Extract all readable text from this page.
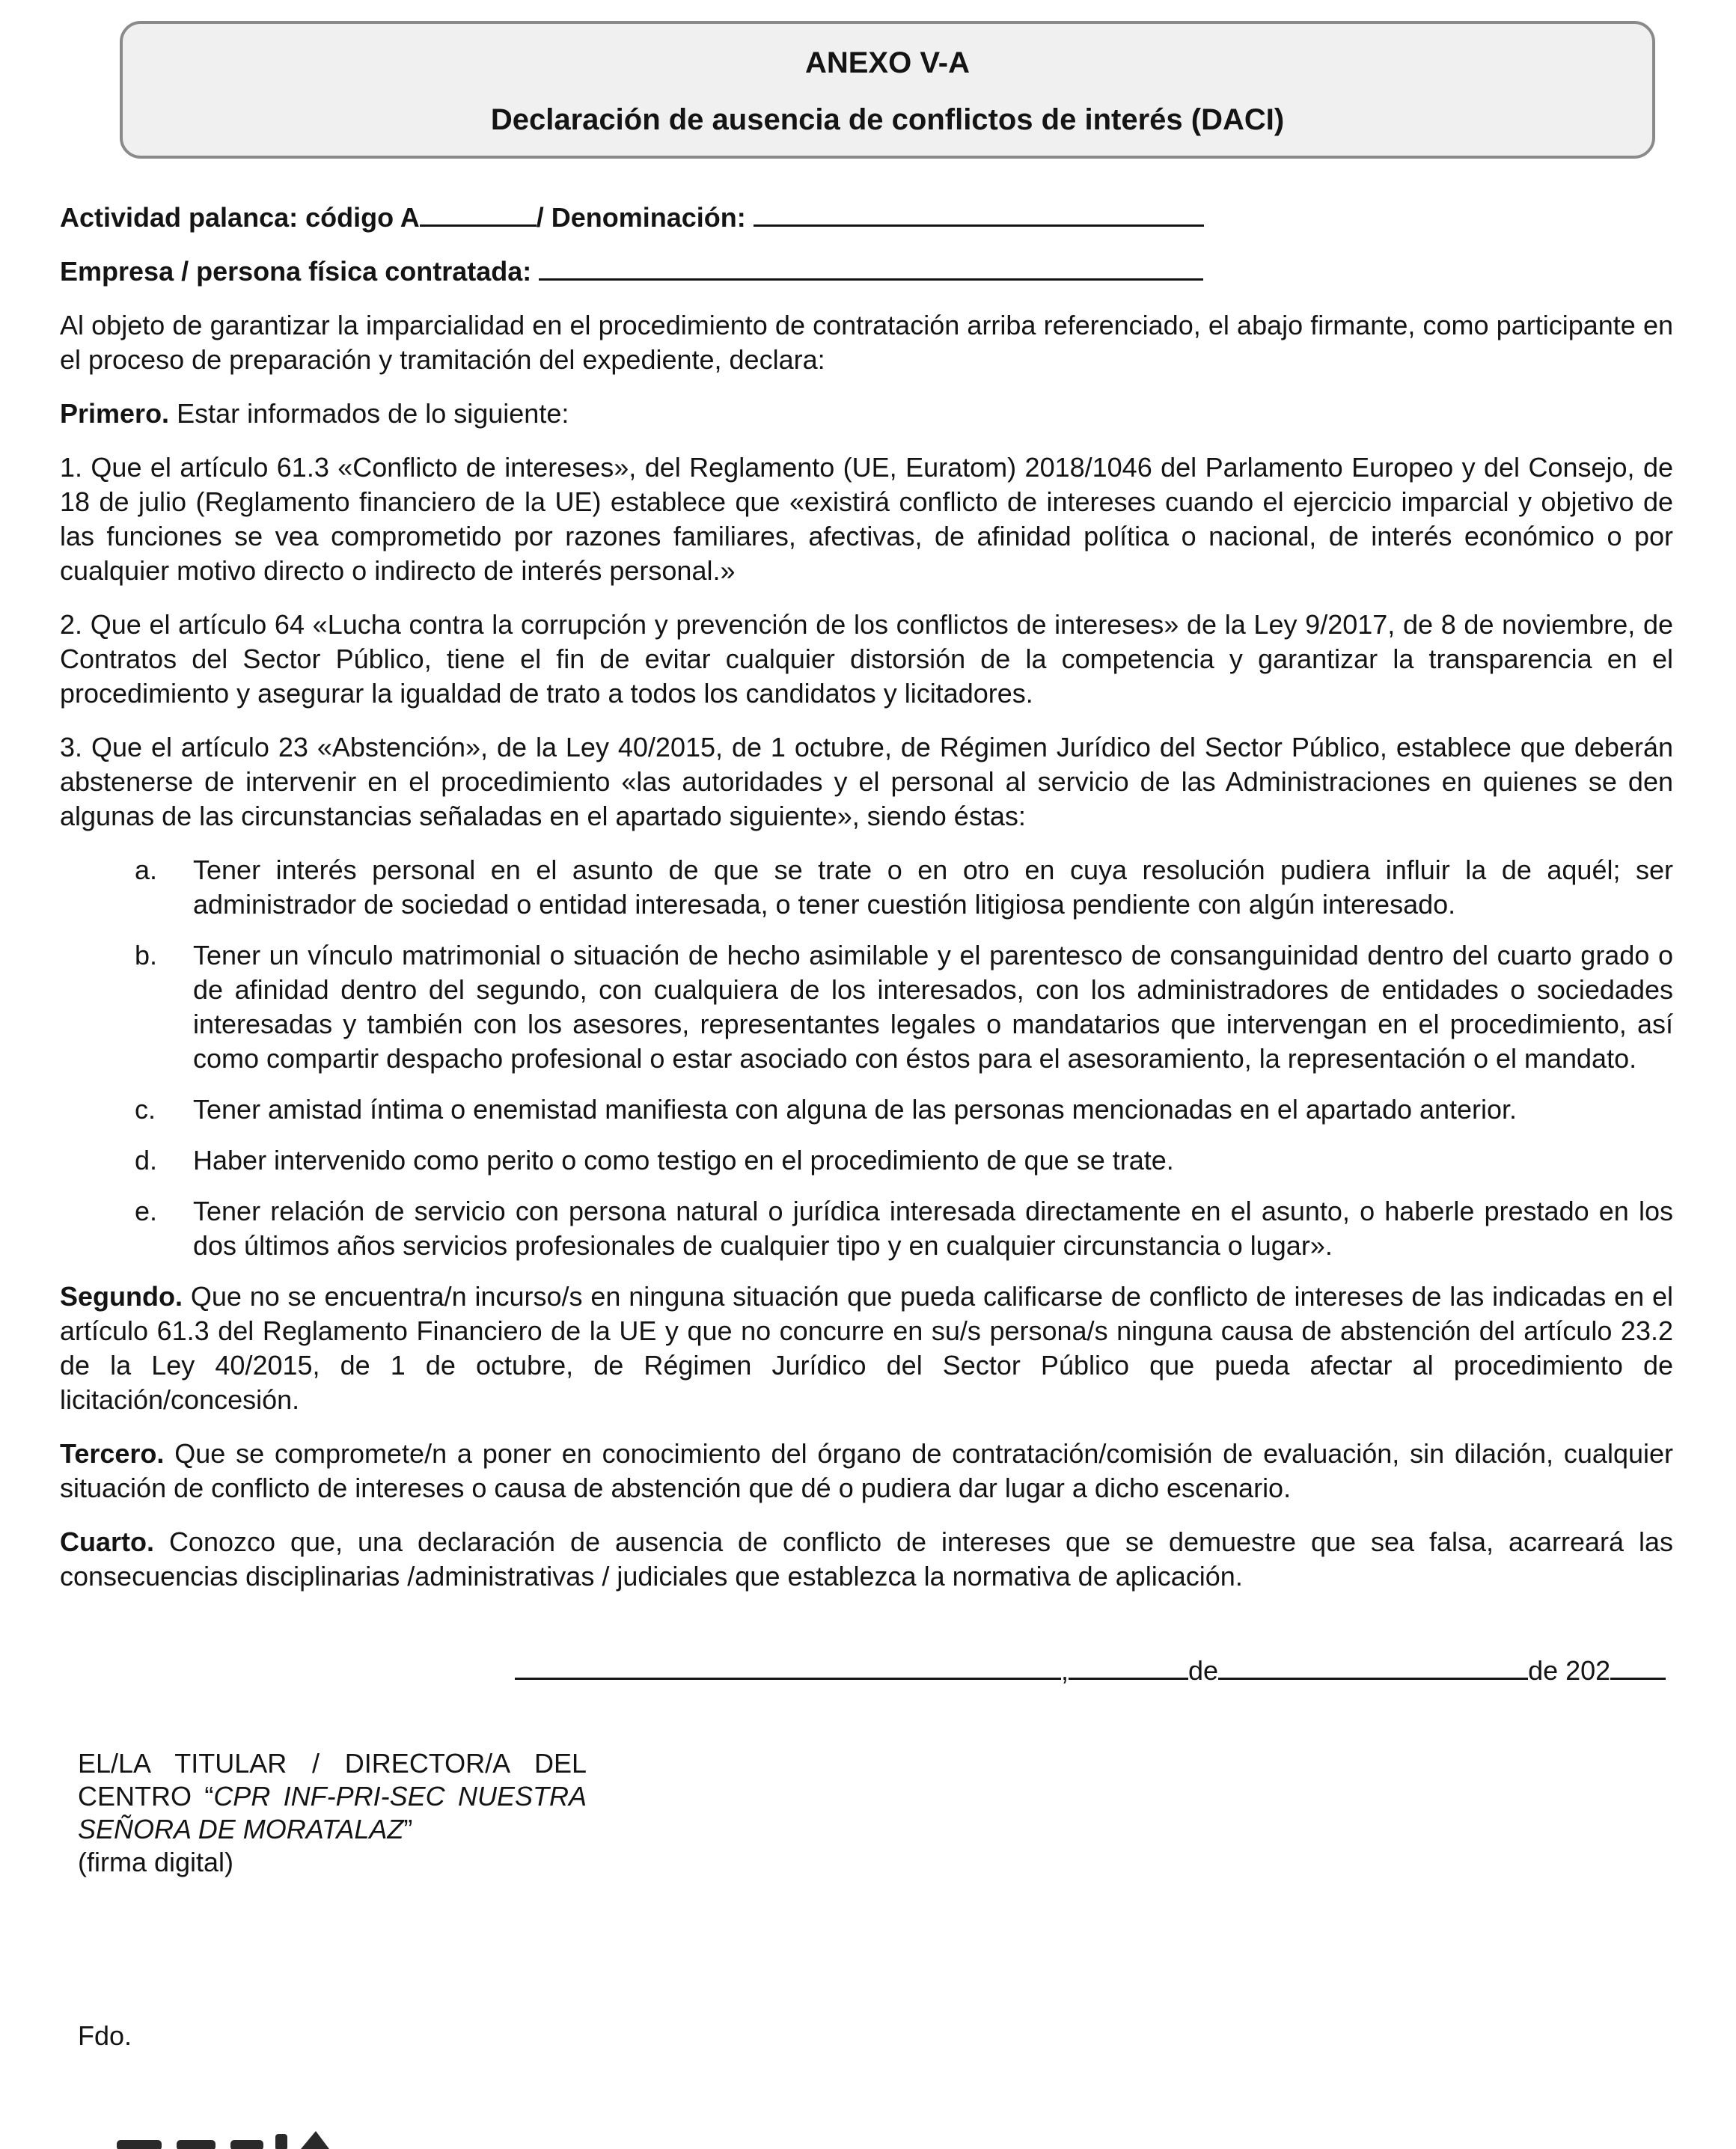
ANEXO V-A
Declaración de ausencia de conflictos de interés (DACI)
Actividad palanca: código A	/ Denominación:
Empresa / persona física contratada:

Al objeto de garantizar la imparcialidad en el procedimiento de contratación arriba referenciado, el abajo firmante, como participante en el proceso de preparación y tramitación del expediente, declara:

Primero. Estar informados de lo siguiente:

1. Que el artículo 61.3 «Conflicto de intereses», del Reglamento (UE, Euratom) 2018/1046 del Parlamento Europeo y del Consejo, de 18 de julio (Reglamento financiero de la UE) establece que «existirá conflicto de intereses cuando el ejercicio imparcial y objetivo de las funciones se vea comprometido por razones familiares, afectivas, de afinidad política o nacional, de interés económico o por cualquier motivo directo o indirecto de interés personal.»

2. Que el artículo 64 «Lucha contra la corrupción y prevención de los conflictos de intereses» de la Ley 9/2017, de 8 de noviembre, de Contratos del Sector Público, tiene el fin de evitar cualquier distorsión de la competencia y garantizar la transparencia en el procedimiento y asegurar la igualdad de trato a todos los candidatos y licitadores.

3. Que el artículo 23 «Abstención», de la Ley 40/2015, de 1 octubre, de Régimen Jurídico del Sector Público, establece que deberán abstenerse de intervenir en el procedimiento «las autoridades y el personal al servicio de las Administraciones en quienes se den algunas de las circunstancias señaladas en el apartado siguiente», siendo éstas:

a. Tener interés personal en el asunto de que se trate o en otro en cuya resolución pudiera influir la de aquél; ser administrador de sociedad o entidad interesada, o tener cuestión litigiosa pendiente con algún interesado.
b. Tener un vínculo matrimonial o situación de hecho asimilable y el parentesco de consanguinidad dentro del cuarto grado o de afinidad dentro del segundo, con cualquiera de los interesados, con los administradores de entidades o sociedades interesadas y también con los asesores, representantes legales o mandatarios que intervengan en el procedimiento, así como compartir despacho profesional o estar asociado con éstos para el asesoramiento, la representación o el mandato.
c. Tener amistad íntima o enemistad manifiesta con alguna de las personas mencionadas en el apartado anterior.
d. Haber intervenido como perito o como testigo en el procedimiento de que se trate.
e. Tener relación de servicio con persona natural o jurídica interesada directamente en el asunto, o haberle prestado en los dos últimos años servicios profesionales de cualquier tipo y en cualquier circunstancia o lugar».

Segundo. Que no se encuentra/n incurso/s en ninguna situación que pueda calificarse de conflicto de intereses de las indicadas en el artículo 61.3 del Reglamento Financiero de la UE y que no concurre en su/s persona/s ninguna causa de abstención del artículo 23.2 de la Ley 40/2015, de 1 de octubre, de Régimen Jurídico del Sector Público que pueda afectar al procedimiento de licitación/concesión.

Tercero. Que se compromete/n a poner en conocimiento del órgano de contratación/comisión de evaluación, sin dilación, cualquier situación de conflicto de intereses o causa de abstención que dé o pudiera dar lugar a dicho escenario.

Cuarto. Conozco que, una declaración de ausencia de conflicto de intereses que se demuestre que sea falsa, acarreará las consecuencias disciplinarias /administrativas / judiciales que establezca la normativa de aplicación.

,	de	de 202
EL/LA TITULAR / DIRECTOR/A DEL CENTRO “CPR INF-PRI-SEC NUESTRA SEÑORA DE MORATALAZ”
(firma digital)
Fdo.
